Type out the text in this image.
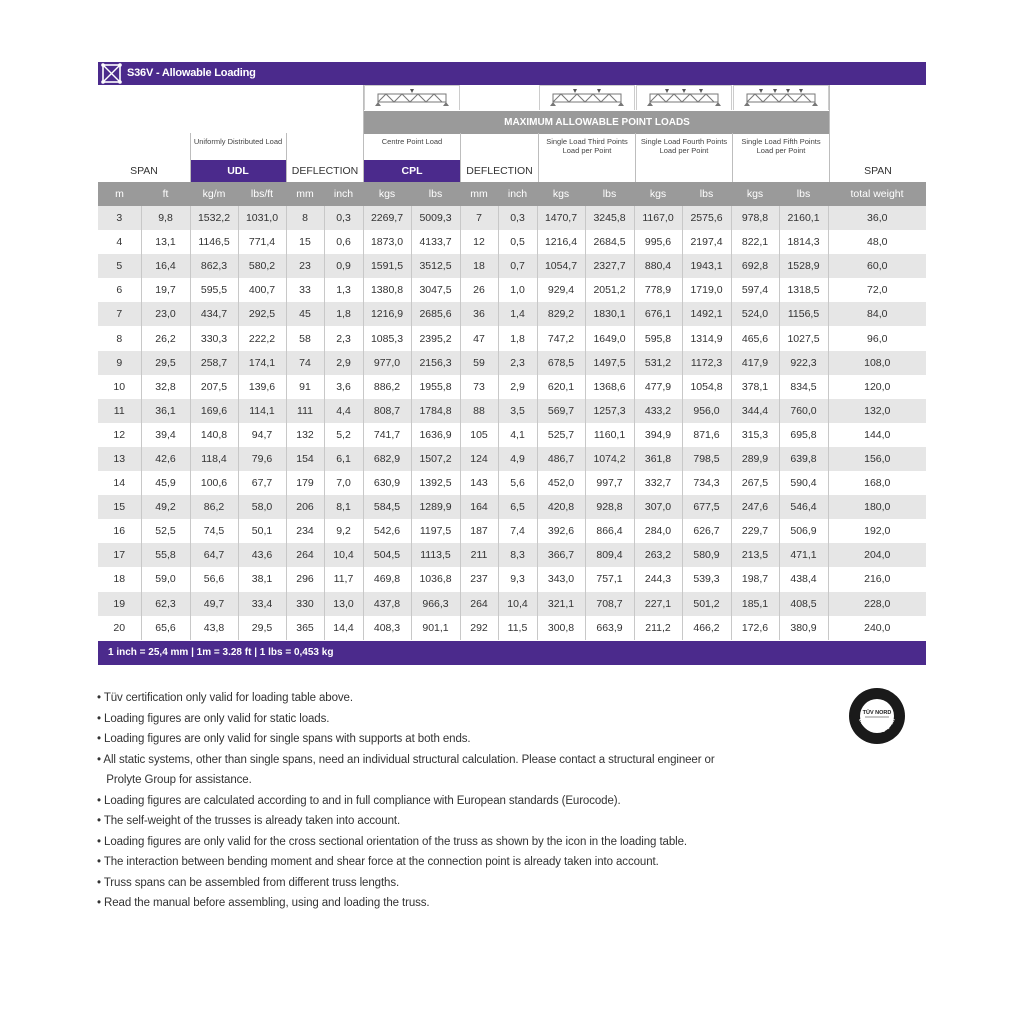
S36V - Allowable Loading
MAXIMUM ALLOWABLE POINT LOADS
Uniformly Distributed Load	Centre Point Load	Single Load Third Points Load per Point
Single Load Fourth Points Load per Point
Single Load Fifth Points Load per Point
SPAN	UDL	DEFLECTION	CPL	DEFLECTION	TPL	QPL	FPL	SPAN
m	ft	kg/m	lbs/ft	mm	inch	kgs	lbs	mm	inch	kgs	lbs	kgs	lbs	kgs	lbs	total weight
3	9,8	1532,2	1031,0	8	0,3	2269,7	5009,3	7	0,3	1470,7	3245,8	1167,0	2575,6	978,8	2160,1	36,0
4	13,1	1146,5	771,4	15	0,6	1873,0	4133,7	12	0,5	1216,4	2684,5	995,6	2197,4	822,1	1814,3	48,0
5	16,4	862,3	580,2	23	0,9	1591,5	3512,5	18	0,7	1054,7	2327,7	880,4	1943,1	692,8	1528,9	60,0
6	19,7	595,5	400,7	33	1,3	1380,8	3047,5	26	1,0	929,4	2051,2	778,9	1719,0	597,4	1318,5	72,0
7	23,0	434,7	292,5	45	1,8	1216,9	2685,6	36	1,4	829,2	1830,1	676,1	1492,1	524,0	1156,5	84,0
8	26,2	330,3	222,2	58	2,3	1085,3	2395,2	47	1,8	747,2	1649,0	595,8	1314,9	465,6	1027,5	96,0
9	29,5	258,7	174,1	74	2,9	977,0	2156,3	59	2,3	678,5	1497,5	531,2	1172,3	417,9	922,3	108,0
10	32,8	207,5	139,6	91	3,6	886,2	1955,8	73	2,9	620,1	1368,6	477,9	1054,8	378,1	834,5	120,0
11	36,1	169,6	114,1	111	4,4	808,7	1784,8	88	3,5	569,7	1257,3	433,2	956,0	344,4	760,0	132,0
12	39,4	140,8	94,7	132	5,2	741,7	1636,9	105	4,1	525,7	1160,1	394,9	871,6	315,3	695,8	144,0
13	42,6	118,4	79,6	154	6,1	682,9	1507,2	124	4,9	486,7	1074,2	361,8	798,5	289,9	639,8	156,0
14	45,9	100,6	67,7	179	7,0	630,9	1392,5	143	5,6	452,0	997,7	332,7	734,3	267,5	590,4	168,0
15	49,2	86,2	58,0	206	8,1	584,5	1289,9	164	6,5	420,8	928,8	307,0	677,5	247,6	546,4	180,0
16	52,5	74,5	50,1	234	9,2	542,6	1197,5	187	7,4	392,6	866,4	284,0	626,7	229,7	506,9	192,0
17	55,8	64,7	43,6	264	10,4	504,5	1113,5	211	8,3	366,7	809,4	263,2	580,9	213,5	471,1	204,0
18	59,0	56,6	38,1	296	11,7	469,8	1036,8	237	9,3	343,0	757,1	244,3	539,3	198,7	438,4	216,0
19	62,3	49,7	33,4	330	13,0	437,8	966,3	264	10,4	321,1	708,7	227,1	501,2	185,1	408,5	228,0
20	65,6	43,8	29,5	365	14,4	408,3	901,1	292	11,5	300,8	663,9	211,2	466,2	172,6	380,9	240,0
1 inch = 25,4 mm | 1m = 3.28 ft | 1 lbs = 0,453 kg
• Tüv certification only valid for loading table above.
• Loading figures are only valid for static loads.
• Loading figures are only valid for single spans with supports at both ends.
• All static systems, other than single spans, need an individual structural calculation. Please contact a structural engineer or
Prolyte Group for assistance.
• Loading figures are calculated according to and in full compliance with European standards (Eurocode).
• The self-weight of the trusses is already taken into account.
• Loading figures are only valid for the cross sectional orientation of the truss as shown by the icon in the loading table.
• The interaction between bending moment and shear force at the connection point is already taken into account.
• Truss spans can be assembled from different truss lengths.
• Read the manual before assembling, using and loading the truss.
TÜV NORD
Baumuster geprüft
